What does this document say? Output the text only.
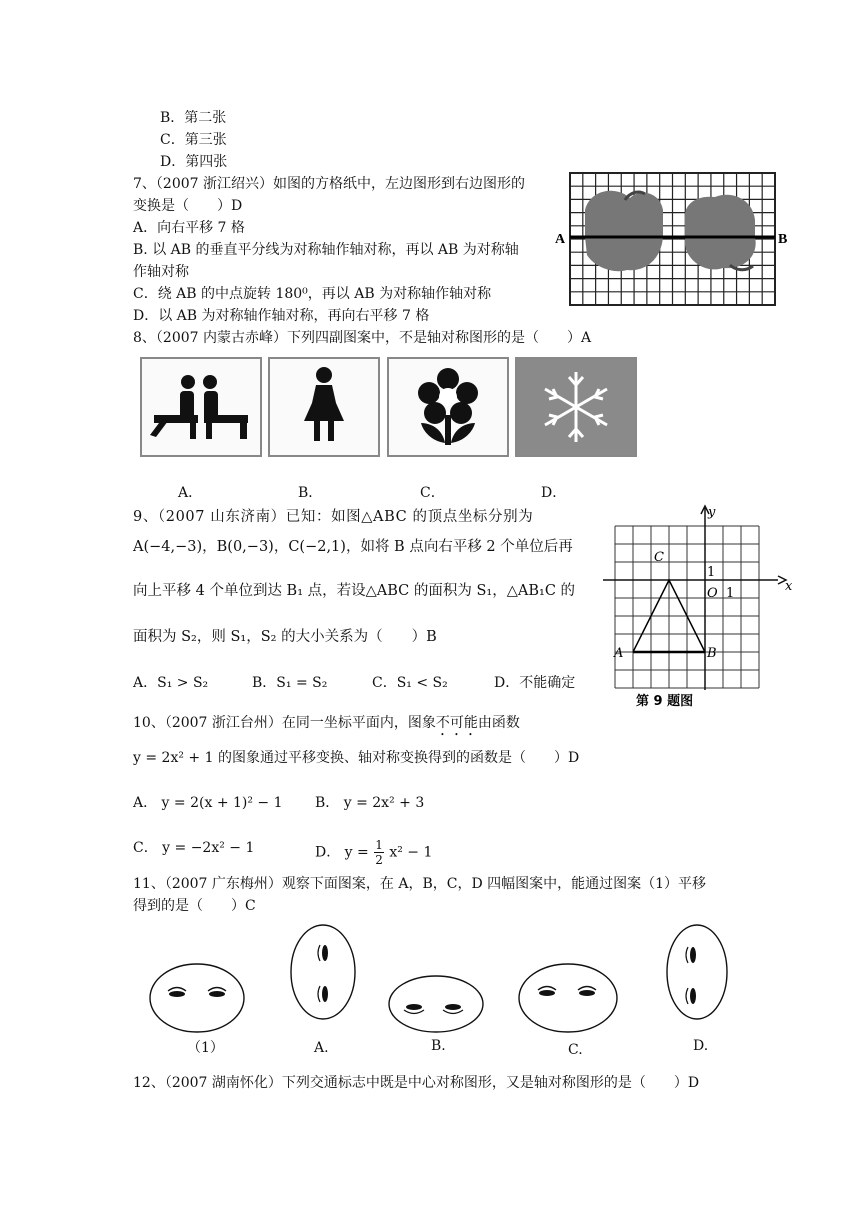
B．第二张
C．第三张
D．第四张
7、（2007 浙江绍兴）如图的方格纸中，左边图形到右边图形的
变换是（　　）D
A．向右平移 7 格
B. 以 AB 的垂直平分线为对称轴作轴对称，再以 AB 为对称轴
作轴对称
C．绕 AB 的中点旋转 180⁰，再以 AB 为对称轴作轴对称
D．以 AB 为对称轴作轴对称，再向右平移 7 格
A	B
8、（2007 内蒙古赤峰）下列四副图案中，不是轴对称图形的是（　　）A
A．	B．	C．	D．
9、（2007 山东济南）已知：如图△ABC 的顶点坐标分别为
A(−4,−3)，B(0,−3)，C(−2,1)，如将 B 点向右平移 2 个单位后再
向上平移 4 个单位到达 B₁ 点，若设△ABC 的面积为 S₁，△AB₁C 的
面积为 S₂，则 S₁，S₂ 的大小关系为（　　）B
A．S₁ > S₂	B．S₁ = S₂	C．S₁ < S₂	D．不能确定
y
x
C
O 1
1
A	B
第 9 题图
10、（2007 浙江台州）在同一坐标平面内，图象不可能由函数
y = 2x² + 1 的图象通过平移变换、轴对称变换得到的函数是（　　）D
A． y = 2(x + 1)² − 1 B． y = 2x² + 3
C． y = −2x² − 1	D． $y = \frac{1}{2} x^2 - 1$
11、（2007 广东梅州）观察下面图案，在 A，B，C，D 四幅图案中，能通过图案（1）平移
得到的是（　　）C
（1）	A.	B.	C.	D.
12、（2007 湖南怀化）下列交通标志中既是中心对称图形，又是轴对称图形的是（　　）D
